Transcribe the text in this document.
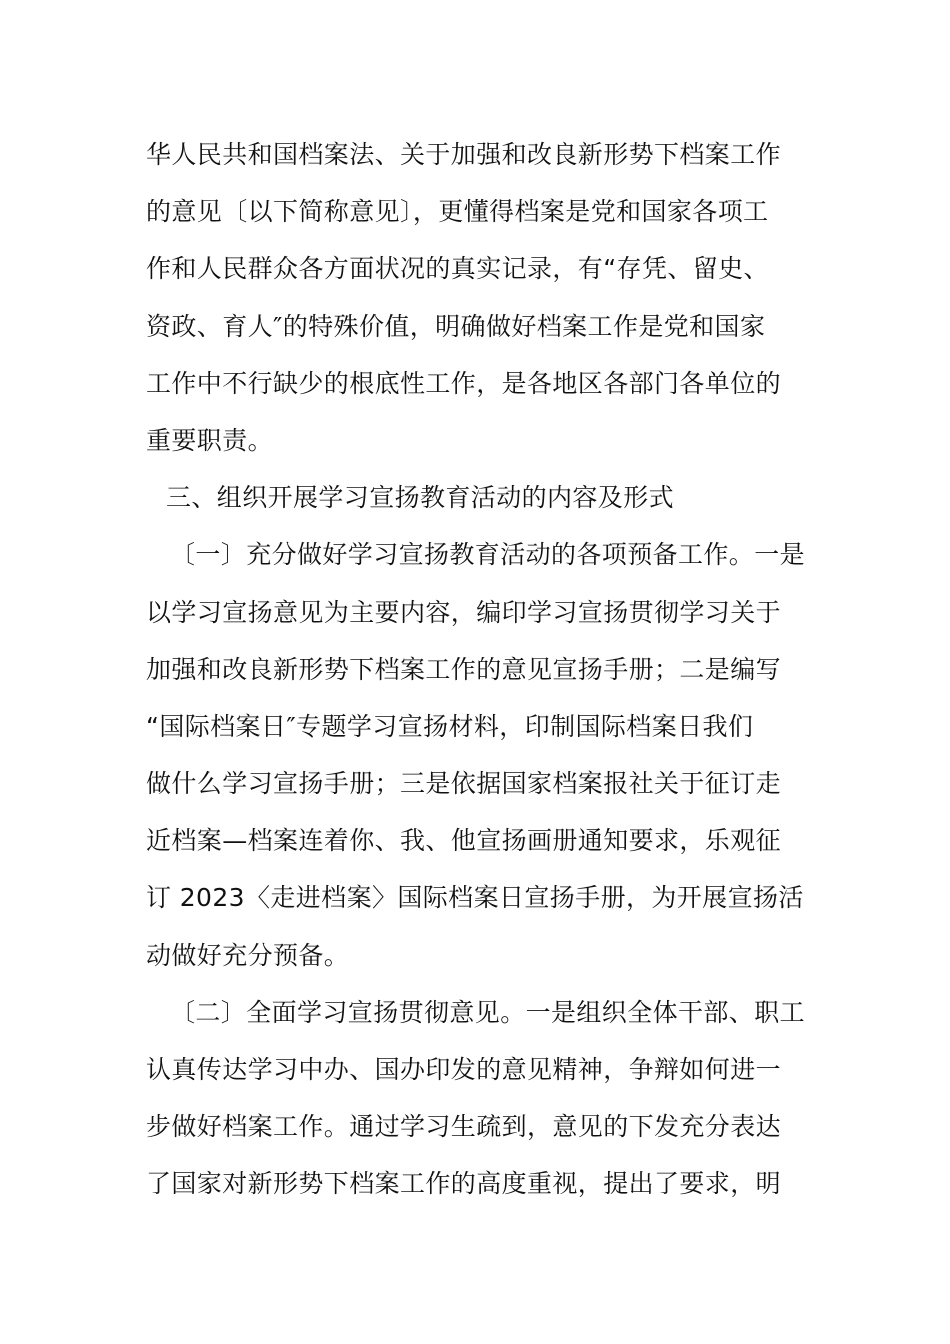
华人民共和国档案法、关于加强和改良新形势下档案工作
的意见〔以下简称意见〕，更懂得档案是党和国家各项工
作和人民群众各方面状况的真实记录，有“存凭、留史、
资政、育人″的特殊价值，明确做好档案工作是党和国家
工作中不行缺少的根底性工作，是各地区各部门各单位的
重要职责。
三、组织开展学习宣扬教育活动的内容及形式
〔一〕充分做好学习宣扬教育活动的各项预备工作。一是
以学习宣扬意见为主要内容，编印学习宣扬贯彻学习关于
加强和改良新形势下档案工作的意见宣扬手册；二是编写
“国际档案日″专题学习宣扬材料，印制国际档案日我们
做什么学习宣扬手册；三是依据国家档案报社关于征订走
近档案—档案连着你、我、他宣扬画册通知要求，乐观征
订 2023〈走进档案〉国际档案日宣扬手册，为开展宣扬活
动做好充分预备。
〔二〕全面学习宣扬贯彻意见。一是组织全体干部、职工
认真传达学习中办、国办印发的意见精神，争辩如何进一
步做好档案工作。通过学习生疏到，意见的下发充分表达
了国家对新形势下档案工作的高度重视，提出了要求，明
